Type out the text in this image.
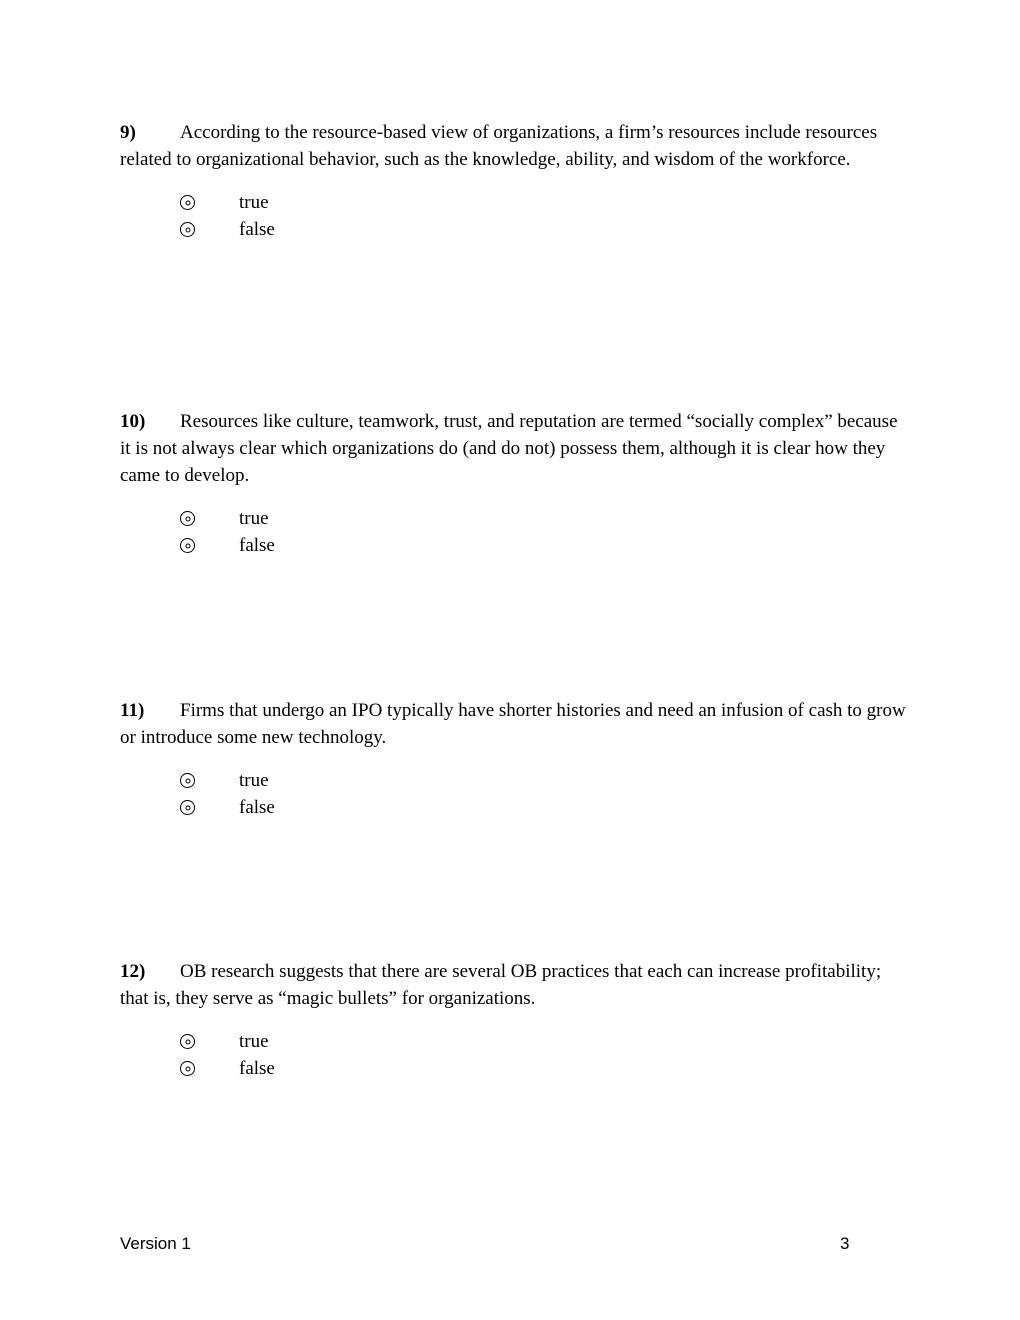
9) According to the resource-based view of organizations, a firm’s resources include resources related to organizational behavior, such as the knowledge, ability, and wisdom of the workforce.

true
false

10) Resources like culture, teamwork, trust, and reputation are termed “socially complex” because it is not always clear which organizations do (and do not) possess them, although it is clear how they came to develop.

true
false

11) Firms that undergo an IPO typically have shorter histories and need an infusion of cash to grow or introduce some new technology.

true
false

12) OB research suggests that there are several OB practices that each can increase profitability; that is, they serve as “magic bullets” for organizations.

true
false
Version 1	3
